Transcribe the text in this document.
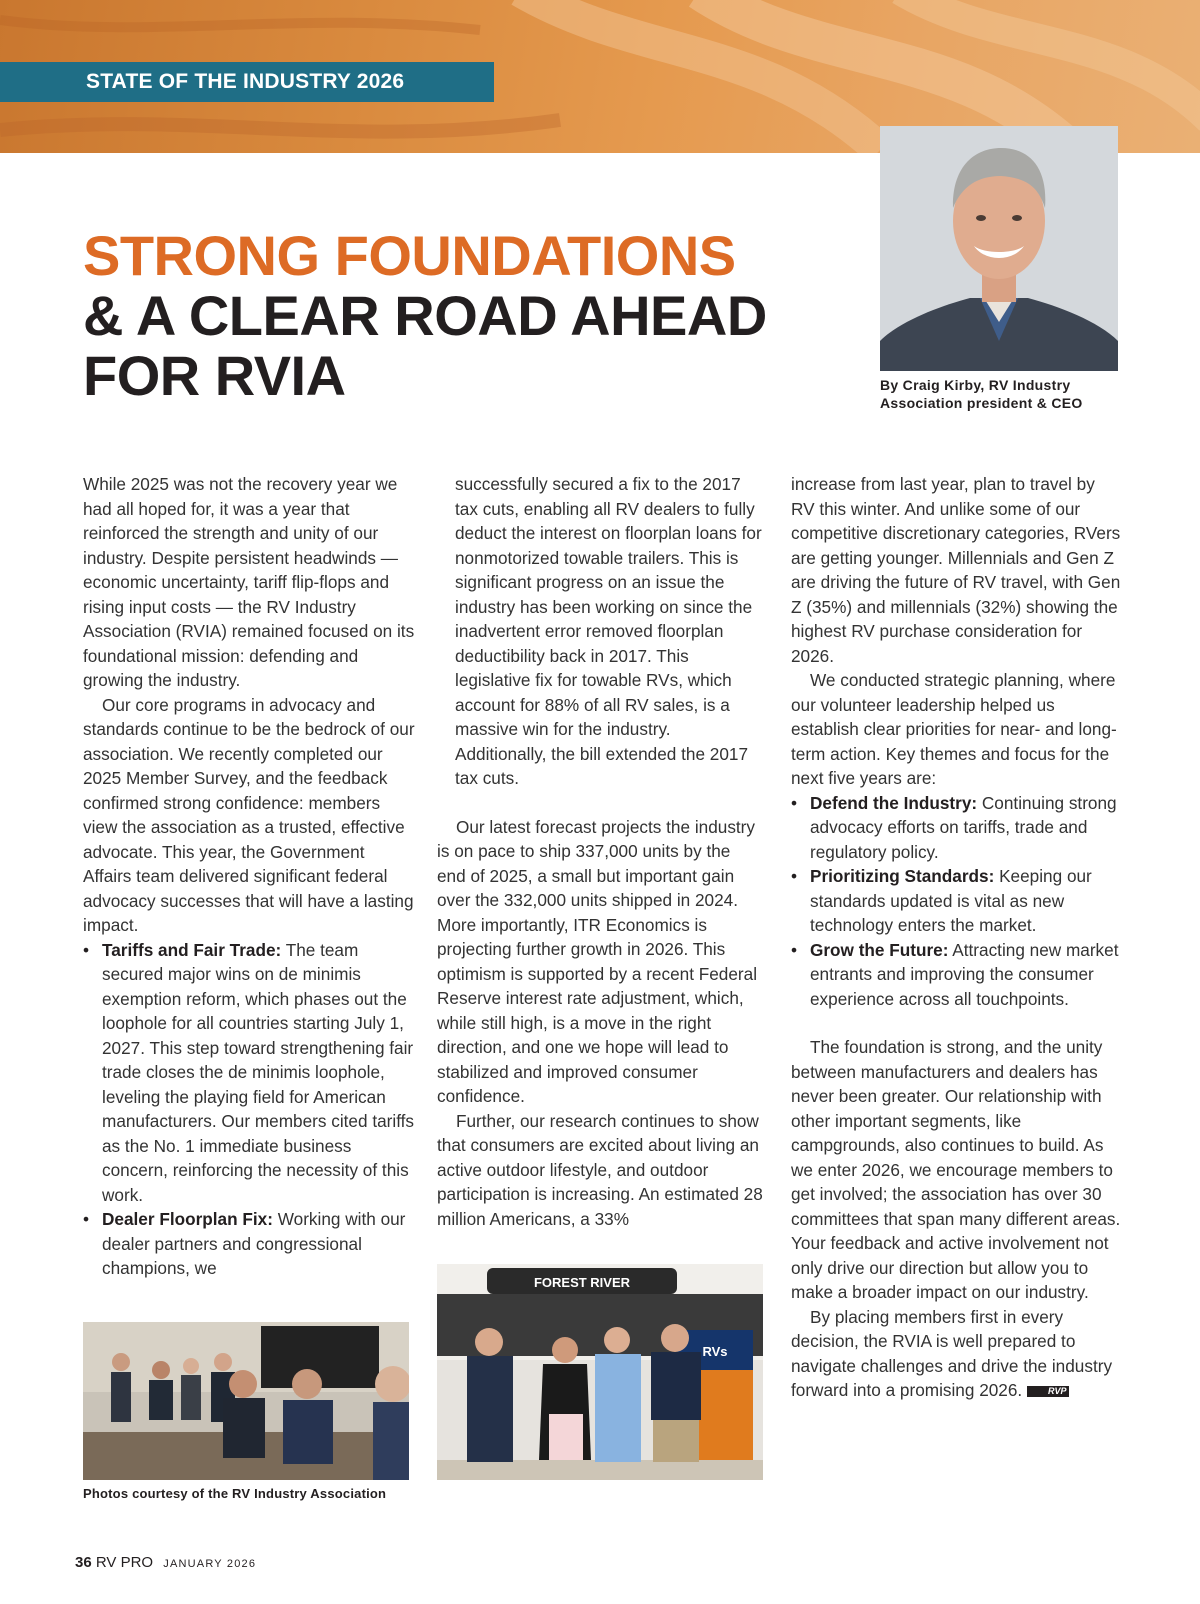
STATE OF THE INDUSTRY 2026
STRONG FOUNDATIONS
& A CLEAR ROAD AHEAD
FOR RVIA	By Craig Kirby, RV Industry
Association president & CEO

While 2025 was not the recovery year we had all hoped for, it was a year that reinforced the strength and unity of our industry. Despite persistent headwinds — economic uncertainty, tariff flip-flops and rising input costs — the RV Industry Association (RVIA) remained focused on its foundational mission: defending and growing the industry.

Our core programs in advocacy and standards continue to be the bedrock of our association. We recently completed our 2025 Member Survey, and the feedback confirmed strong confidence: members view the association as a trusted, effective advocate. This year, the Government Affairs team delivered significant federal advocacy successes that will have a lasting impact.

• Tariffs and Fair Trade: The team secured major wins on de minimis exemption reform, which phases out the loophole for all countries starting July 1, 2027. This step toward strengthening fair trade closes the de minimis loophole, leveling the playing field for American manufacturers. Our members cited tariffs as the No. 1 immediate business concern, reinforcing the necessity of this work.
• Dealer Floorplan Fix: Working with our dealer partners and congressional champions, we

successfully secured a fix to the 2017 tax cuts, enabling all RV dealers to fully deduct the interest on floorplan loans for nonmotorized towable trailers. This is significant progress on an issue the industry has been working on since the inadvertent error removed floorplan deductibility back in 2017. This legislative fix for towable RVs, which account for 88% of all RV sales, is a massive win for the industry. Additionally, the bill extended the 2017 tax cuts.

Our latest forecast projects the industry is on pace to ship 337,000 units by the end of 2025, a small but important gain over the 332,000 units shipped in 2024. More importantly, ITR Economics is projecting further growth in 2026. This optimism is supported by a recent Federal Reserve interest rate adjustment, which, while still high, is a move in the right direction, and one we hope will lead to stabilized and improved consumer confidence.

Further, our research continues to show that consumers are excited about living an active outdoor lifestyle, and outdoor participation is increasing. An estimated 28 million Americans, a 33%

increase from last year, plan to travel by RV this winter. And unlike some of our competitive discretionary categories, RVers are getting younger. Millennials and Gen Z are driving the future of RV travel, with Gen Z (35%) and millennials (32%) showing the highest RV purchase consideration for 2026.

We conducted strategic planning, where our volunteer leadership helped us establish clear priorities for near- and long-term action. Key themes and focus for the next five years are:

• Defend the Industry: Continuing strong advocacy efforts on tariffs, trade and regulatory policy.
• Prioritizing Standards: Keeping our standards updated is vital as new technology enters the market.
• Grow the Future: Attracting new market entrants and improving the consumer experience across all touchpoints.

The foundation is strong, and the unity between manufacturers and dealers has never been greater. Our relationship with other important segments, like campgrounds, also continues to build. As we enter 2026, we encourage members to get involved; the association has over 30 committees that span many different areas. Your feedback and active involvement not only drive our direction but allow you to make a broader impact on our industry.

By placing members first in every decision, the RVIA is well prepared to navigate challenges and drive the industry forward into a promising 2026.	RVP

FOREST RIVER
RVs
Photos courtesy of the RV Industry Association
36 RV PRO JANUARY 2026
